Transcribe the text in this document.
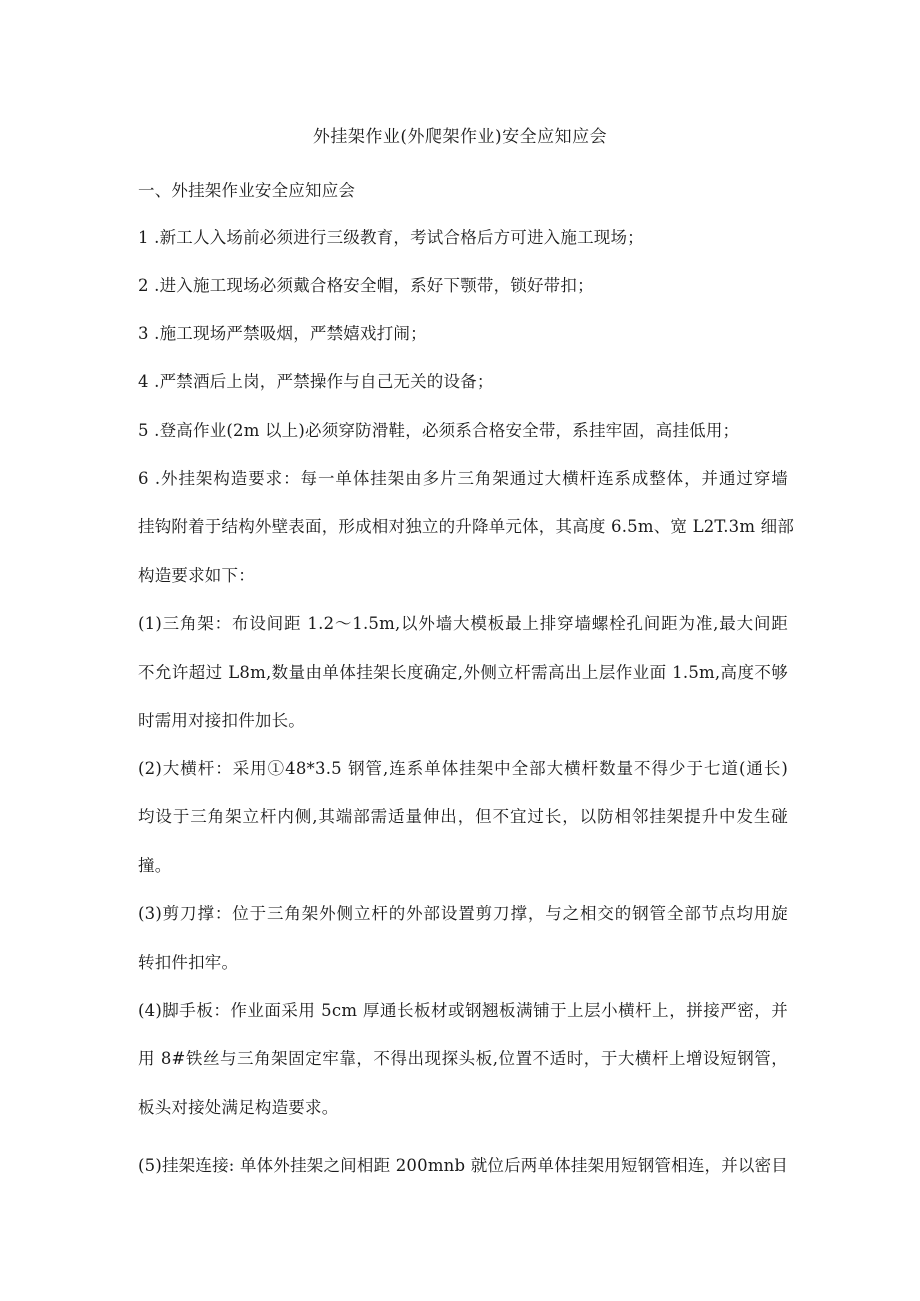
外挂架作业(外爬架作业)安全应知应会
一、外挂架作业安全应知应会
1 .新工人入场前必须进行三级教育，考试合格后方可进入施工现场；
2 .进入施工现场必须戴合格安全帽，系好下颚带，锁好带扣；
3 .施工现场严禁吸烟，严禁嬉戏打闹；
4 .严禁酒后上岗，严禁操作与自己无关的设备；
5 .登高作业(2m 以上)必须穿防滑鞋，必须系合格安全带，系挂牢固，高挂低用；
6 .外挂架构造要求：每一单体挂架由多片三角架通过大横杆连系成整体，并通过穿墙
挂钩附着于结构外壁表面，形成相对独立的升降单元体，其高度 6.5m、宽 L2T.3m 细部
构造要求如下：
(1)三角架：布设间距 1.2～1.5m,以外墙大模板最上排穿墙螺栓孔间距为准,最大间距
不允许超过 L8m,数量由单体挂架长度确定,外侧立杆需高出上层作业面 1.5m,高度不够
时需用对接扣件加长。
(2)大横杆：采用①48*3.5 钢管,连系单体挂架中全部大横杆数量不得少于七道(通长)
均设于三角架立杆内侧,其端部需适量伸出，但不宜过长，以防相邻挂架提升中发生碰
撞。
(3)剪刀撑：位于三角架外侧立杆的外部设置剪刀撑，与之相交的钢管全部节点均用旋
转扣件扣牢。
(4)脚手板：作业面采用 5cm 厚通长板材或钢翘板满铺于上层小横杆上，拼接严密，并
用 8#铁丝与三角架固定牢靠，不得出现探头板,位置不适时，于大横杆上增设短钢管，
板头对接处满足构造要求。
(5)挂架连接: 单体外挂架之间相距 200mnb 就位后两单体挂架用短钢管相连，并以密目
